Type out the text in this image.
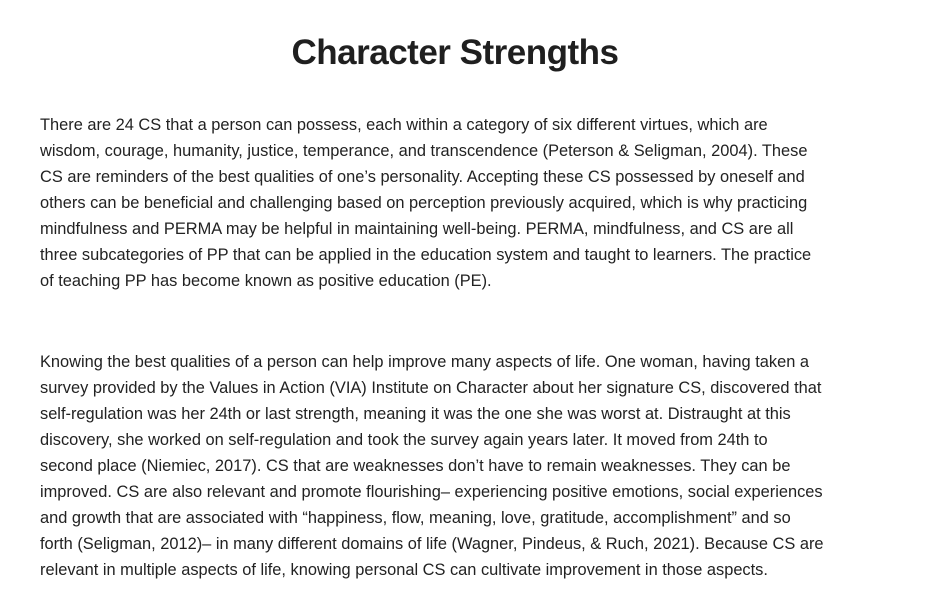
Character Strengths

There are 24 CS that a person can possess, each within a category of six different virtues, which are
wisdom, courage, humanity, justice, temperance, and transcendence (Peterson & Seligman, 2004). These
CS are reminders of the best qualities of one’s personality. Accepting these CS possessed by oneself and
others can be beneficial and challenging based on perception previously acquired, which is why practicing
mindfulness and PERMA may be helpful in maintaining well-being. PERMA, mindfulness, and CS are all
three subcategories of PP that can be applied in the education system and taught to learners. The practice
of teaching PP has become known as positive education (PE).

Knowing the best qualities of a person can help improve many aspects of life. One woman, having taken a
survey provided by the Values in Action (VIA) Institute on Character about her signature CS, discovered that
self-regulation was her 24th or last strength, meaning it was the one she was worst at. Distraught at this
discovery, she worked on self-regulation and took the survey again years later. It moved from 24th to
second place (Niemiec, 2017). CS that are weaknesses don’t have to remain weaknesses. They can be
improved. CS are also relevant and promote flourishing– experiencing positive emotions, social experiences
and growth that are associated with “happiness, flow, meaning, love, gratitude, accomplishment” and so
forth (Seligman, 2012)– in many different domains of life (Wagner, Pindeus, & Ruch, 2021). Because CS are
relevant in multiple aspects of life, knowing personal CS can cultivate improvement in those aspects.
